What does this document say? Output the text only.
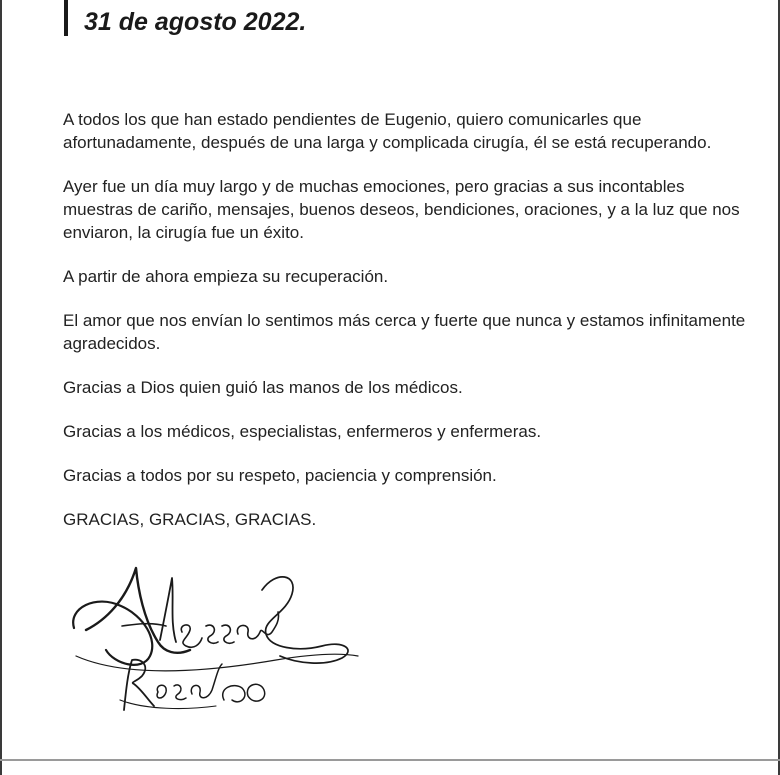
31 de agosto 2022.

A todos los que han estado pendientes de Eugenio, quiero comunicarles que afortunadamente, después de una larga y complicada cirugía, él se está recuperando.

Ayer fue un día muy largo y de muchas emociones, pero gracias a sus incontables muestras de cariño, mensajes, buenos deseos, bendiciones, oraciones, y a la luz que nos enviaron, la cirugía fue un éxito.

A partir de ahora empieza su recuperación.

El amor que nos envían lo sentimos más cerca y fuerte que nunca y estamos infinitamente agradecidos.

Gracias a Dios quien guió las manos de los médicos.

Gracias a los médicos, especialistas, enfermeros y enfermeras.

Gracias a todos por su respeto, paciencia y comprensión.

GRACIAS, GRACIAS, GRACIAS.
